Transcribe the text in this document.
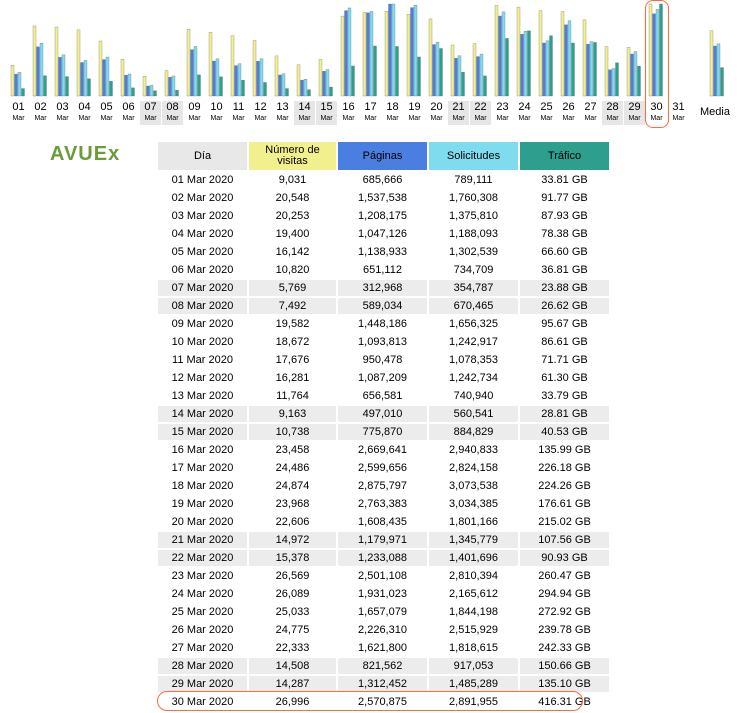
Media
01
Mar
02
Mar
03
Mar
04
Mar
05
Mar
06
Mar
07
Mar
08
Mar
09
Mar
10
Mar
11
Mar
12
Mar
13
Mar
14
Mar
15
Mar
16
Mar
17
Mar
18
Mar
19
Mar
20
Mar
21
Mar
22
Mar
23
Mar
24
Mar
25
Mar
26
Mar
27
Mar
28
Mar
29
Mar
30
Mar
31
Mar
AVUEx	Día	Número de visitas	Páginas	Solicitudes	Tráfico
01 Mar 2020	9,031	685,666	789,111	33.81 GB
02 Mar 2020	20,548	1,537,538	1,760,308	91.77 GB
03 Mar 2020	20,253	1,208,175	1,375,810	87.93 GB
04 Mar 2020	19,400	1,047,126	1,188,093	78.38 GB
05 Mar 2020	16,142	1,138,933	1,302,539	66.60 GB
06 Mar 2020	10,820	651,112	734,709	36.81 GB
07 Mar 2020	5,769	312,968	354,787	23.88 GB
08 Mar 2020	7,492	589,034	670,465	26.62 GB
09 Mar 2020	19,582	1,448,186	1,656,325	95.67 GB
10 Mar 2020	18,672	1,093,813	1,242,917	86.61 GB
11 Mar 2020	17,676	950,478	1,078,353	71.71 GB
12 Mar 2020	16,281	1,087,209	1,242,734	61.30 GB
13 Mar 2020	11,764	656,581	740,940	33.79 GB
14 Mar 2020	9,163	497,010	560,541	28.81 GB
15 Mar 2020	10,738	775,870	884,829	40.53 GB
16 Mar 2020	23,458	2,669,641	2,940,833	135.99 GB
17 Mar 2020	24,486	2,599,656	2,824,158	226.18 GB
18 Mar 2020	24,874	2,875,797	3,073,538	224.26 GB
19 Mar 2020	23,968	2,763,383	3,034,385	176.61 GB
20 Mar 2020	22,606	1,608,435	1,801,166	215.02 GB
21 Mar 2020	14,972	1,179,971	1,345,779	107.56 GB
22 Mar 2020	15,378	1,233,088	1,401,696	90.93 GB
23 Mar 2020	26,569	2,501,108	2,810,394	260.47 GB
24 Mar 2020	26,089	1,931,023	2,165,612	294.94 GB
25 Mar 2020	25,033	1,657,079	1,844,198	272.92 GB
26 Mar 2020	24,775	2,226,310	2,515,929	239.78 GB
27 Mar 2020	22,333	1,621,800	1,818,615	242.33 GB
28 Mar 2020	14,508	821,562	917,053	150.66 GB
29 Mar 2020	14,287	1,312,452	1,485,289	135.10 GB
30 Mar 2020	26,996	2,570,875	2,891,955	416.31 GB
